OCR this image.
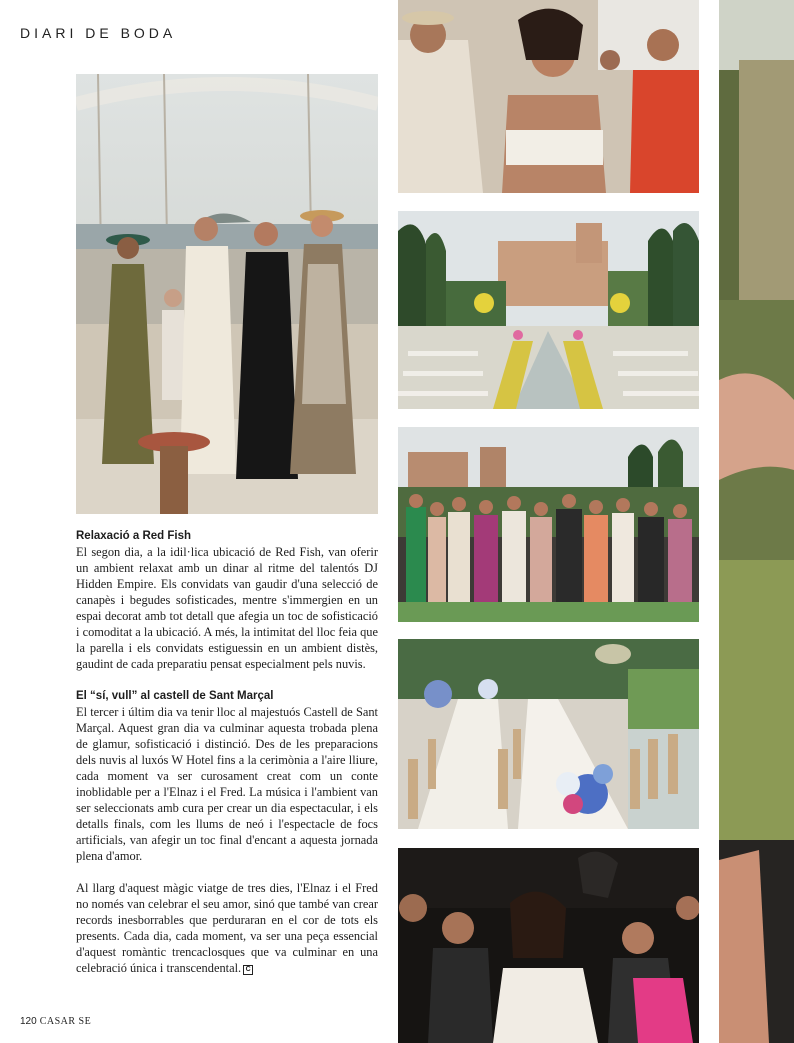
DIARI DE BODA
Relaxació a Red Fish

El segon dia, a la idil·lica ubicació de Red Fish, van oferir un ambient relaxat amb un dinar al ritme del talentós DJ Hidden Empire. Els convidats van gaudir d'una selecció de canapès i begudes sofisticades, mentre s'immergien en un espai decorat amb tot detall que afegia un toc de sofisticació i comoditat a la ubicació. A més, la intimitat del lloc feia que la parella i els convidats estiguessin en un ambient distès, gaudint de cada preparatiu pensat especialment pels nuvis.

El “sí, vull” al castell de Sant Marçal

El tercer i últim dia va tenir lloc al majestuós Castell de Sant Marçal. Aquest gran dia va culminar aquesta trobada plena de glamur, sofisticació i distinció. Des de les preparacions dels nuvis al luxós W Hotel fins a la cerimònia a l'aire lliure, cada moment va ser curosament creat com un conte inoblidable per a l'Elnaz i el Fred. La música i l'ambient van ser seleccionats amb cura per crear un dia espectacular, i els detalls finals, com les llums de neó i l'espectacle de focs artificials, van afegir un toc final d'encant a aquesta jornada plena d'amor.

Al llarg d'aquest màgic viatge de tres dies, l'Elnaz i el Fred no només van celebrar el seu amor, sinó que també van crear records inesborrables que perduraran en el cor de tots els presents. Cada dia, cada moment, va ser una peça essencial d'aquest romàntic trencaclosques que va culminar en una celebració única i transcendental. C

120 CASAR SE
